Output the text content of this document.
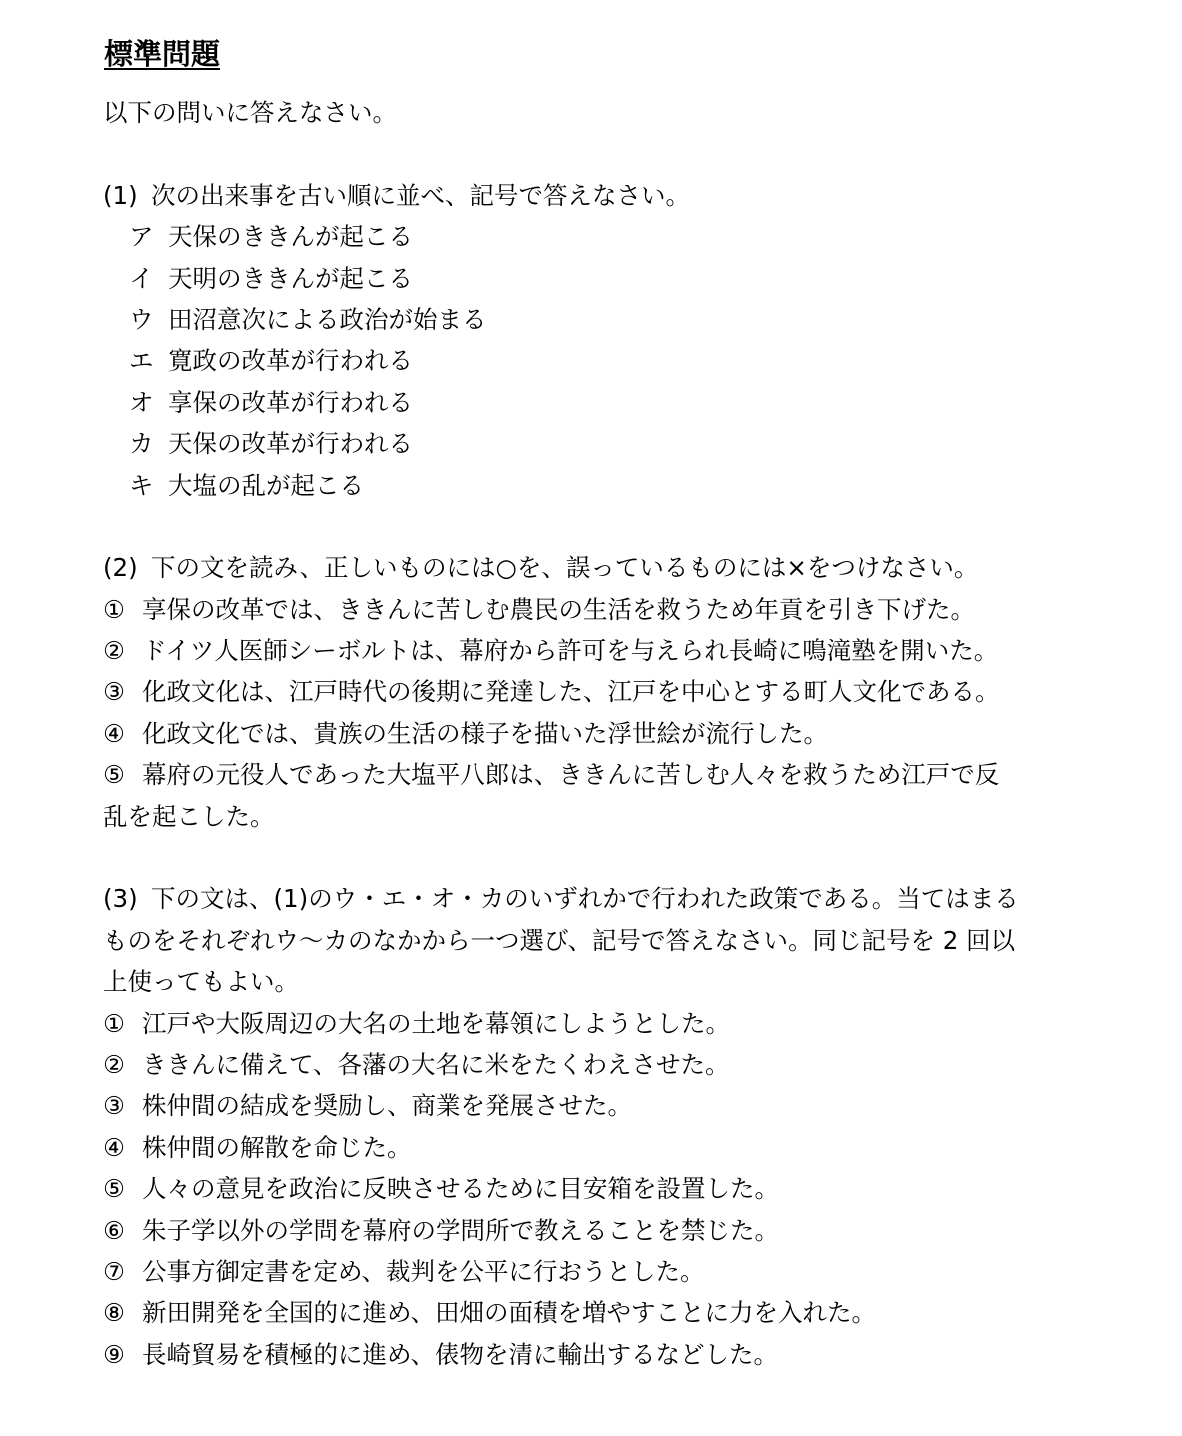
標準問題
以下の問いに答えなさい。
(1) 次の出来事を古い順に並べ、記号で答えなさい。
ア 天保のききんが起こる
イ 天明のききんが起こる
ウ 田沼意次による政治が始まる
エ 寛政の改革が行われる
オ 享保の改革が行われる
カ 天保の改革が行われる
キ 大塩の乱が起こる
(2) 下の文を読み、正しいものには○を、誤っているものには×をつけなさい。
① 享保の改革では、ききんに苦しむ農民の生活を救うため年貢を引き下げた。
② ドイツ人医師シーボルトは、幕府から許可を与えられ長崎に鳴滝塾を開いた。
③ 化政文化は、江戸時代の後期に発達した、江戸を中心とする町人文化である。
④ 化政文化では、貴族の生活の様子を描いた浮世絵が流行した。
⑤ 幕府の元役人であった大塩平八郎は、ききんに苦しむ人々を救うため江戸で反
乱を起こした。
(3) 下の文は、(1)のウ・エ・オ・カのいずれかで行われた政策である。当てはまる
ものをそれぞれウ〜カのなかから一つ選び、記号で答えなさい。同じ記号を 2 回以
上使ってもよい。
① 江戸や大阪周辺の大名の土地を幕領にしようとした。
② ききんに備えて、各藩の大名に米をたくわえさせた。
③ 株仲間の結成を奨励し、商業を発展させた。
④ 株仲間の解散を命じた。
⑤ 人々の意見を政治に反映させるために目安箱を設置した。
⑥ 朱子学以外の学問を幕府の学問所で教えることを禁じた。
⑦ 公事方御定書を定め、裁判を公平に行おうとした。
⑧ 新田開発を全国的に進め、田畑の面積を増やすことに力を入れた。
⑨ 長崎貿易を積極的に進め、俵物を清に輸出するなどした。
